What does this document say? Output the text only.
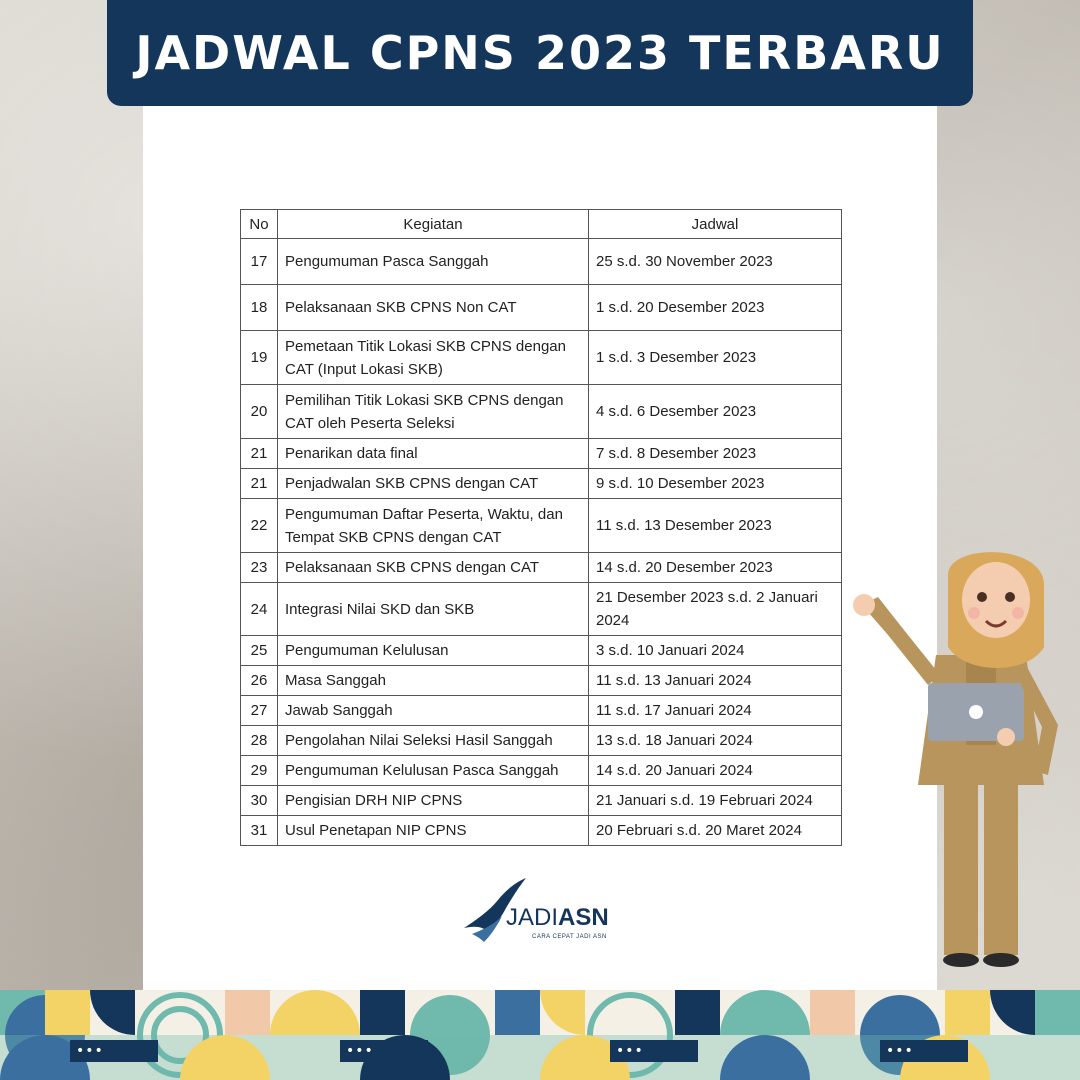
JADWAL CPNS 2023 TERBARU
No	Kegiatan	Jadwal
17	Pengumuman Pasca Sanggah	25 s.d. 30 November 2023
18	Pelaksanaan SKB CPNS Non CAT	1 s.d. 20 Desember 2023
19	Pemetaan Titik Lokasi SKB CPNS dengan CAT (Input Lokasi SKB)	1 s.d. 3 Desember 2023
20	Pemilihan Titik Lokasi SKB CPNS dengan CAT oleh Peserta Seleksi	4 s.d. 6 Desember 2023
21	Penarikan data final	7 s.d. 8 Desember 2023
21	Penjadwalan SKB CPNS dengan CAT	9 s.d. 10 Desember 2023
22	Pengumuman Daftar Peserta, Waktu, dan Tempat SKB CPNS dengan CAT	11 s.d. 13 Desember 2023
23	Pelaksanaan SKB CPNS dengan CAT	14 s.d. 20 Desember 2023
24	Integrasi Nilai SKD dan SKB	21 Desember 2023 s.d. 2 Januari 2024
25	Pengumuman Kelulusan	3 s.d. 10 Januari 2024
26	Masa Sanggah	11 s.d. 13 Januari 2024
27	Jawab Sanggah	11 s.d. 17 Januari 2024
28	Pengolahan Nilai Seleksi Hasil Sanggah	13 s.d. 18 Januari 2024
29	Pengumuman Kelulusan Pasca Sanggah	14 s.d. 20 Januari 2024
30	Pengisian DRH NIP CPNS	21 Januari s.d. 19 Februari 2024
31	Usul Penetapan NIP CPNS	20 Februari s.d. 20 Maret 2024
JADIASN
CARA CEPAT JADI ASN
•••	•••	•••	•••
